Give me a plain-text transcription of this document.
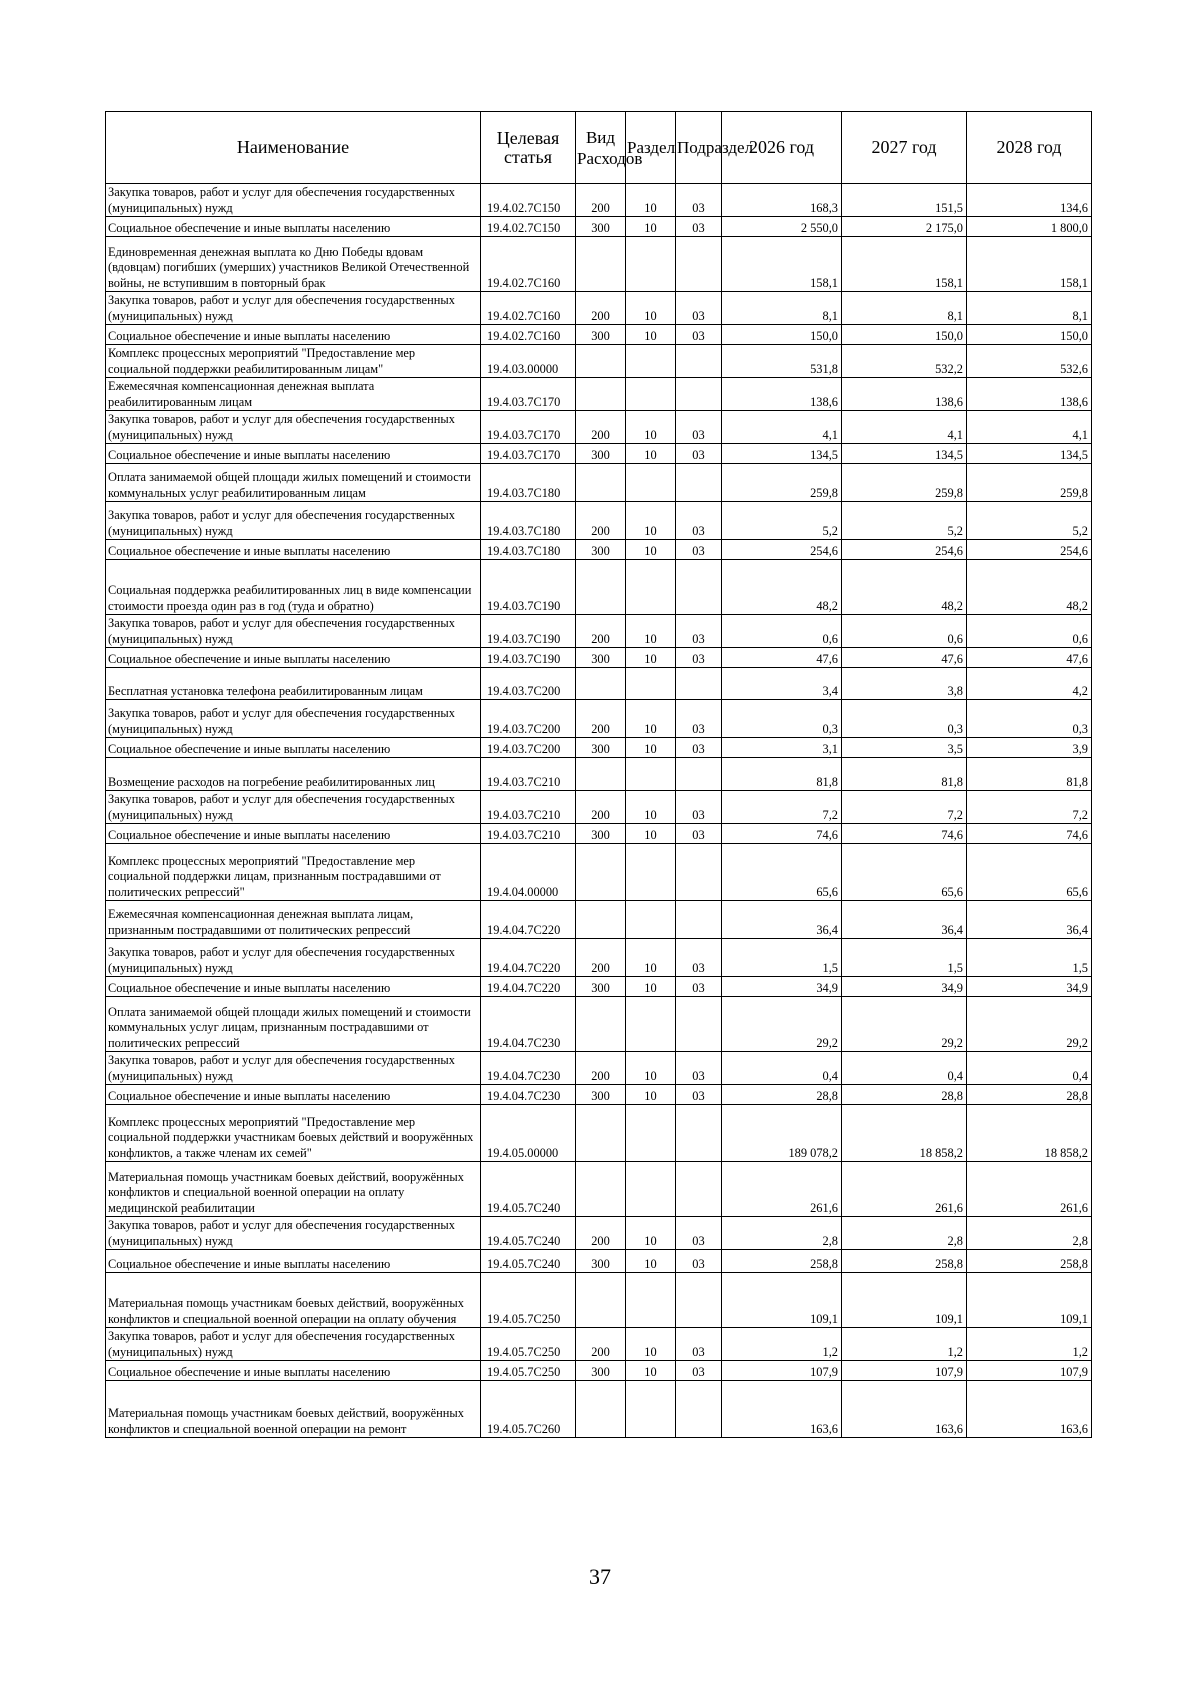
Наименование	Целевая статья	Вид Расходов	Раздел	Подраздел	2026 год	2027 год	2028 год
Закупка товаров, работ и услуг для обеспечения государственных (муниципальных) нужд	19.4.02.7С150	200	10	03	168,3	151,5	134,6
Социальное обеспечение и иные выплаты населению	19.4.02.7С150	300	10	03	2 550,0	2 175,0	1 800,0
Единовременная денежная выплата ко Дню Победы вдовам (вдовцам) погибших (умерших) участников Великой Отечественной войны, не вступившим в повторный брак	19.4.02.7С160				158,1	158,1	158,1
Закупка товаров, работ и услуг для обеспечения государственных (муниципальных) нужд	19.4.02.7С160	200	10	03	8,1	8,1	8,1
Социальное обеспечение и иные выплаты населению	19.4.02.7С160	300	10	03	150,0	150,0	150,0
Комплекс процессных мероприятий "Предоставление мер социальной поддержки реабилитированным лицам"	19.4.03.00000				531,8	532,2	532,6
Ежемесячная компенсационная денежная выплата реабилитированным лицам	19.4.03.7С170				138,6	138,6	138,6
Закупка товаров, работ и услуг для обеспечения государственных (муниципальных) нужд	19.4.03.7С170	200	10	03	4,1	4,1	4,1
Социальное обеспечение и иные выплаты населению	19.4.03.7С170	300	10	03	134,5	134,5	134,5
Оплата занимаемой общей площади жилых помещений и стоимости коммунальных услуг реабилитированным лицам	19.4.03.7С180				259,8	259,8	259,8
Закупка товаров, работ и услуг для обеспечения государственных (муниципальных) нужд	19.4.03.7С180	200	10	03	5,2	5,2	5,2
Социальное обеспечение и иные выплаты населению	19.4.03.7С180	300	10	03	254,6	254,6	254,6
Социальная поддержка реабилитированных лиц в виде компенсации стоимости проезда один раз в год (туда и обратно)	19.4.03.7С190				48,2	48,2	48,2
Закупка товаров, работ и услуг для обеспечения государственных (муниципальных) нужд	19.4.03.7С190	200	10	03	0,6	0,6	0,6
Социальное обеспечение и иные выплаты населению	19.4.03.7С190	300	10	03	47,6	47,6	47,6
Бесплатная установка телефона реабилитированным лицам	19.4.03.7С200				3,4	3,8	4,2
Закупка товаров, работ и услуг для обеспечения государственных (муниципальных) нужд	19.4.03.7С200	200	10	03	0,3	0,3	0,3
Социальное обеспечение и иные выплаты населению	19.4.03.7С200	300	10	03	3,1	3,5	3,9
Возмещение расходов на погребение реабилитированных лиц	19.4.03.7С210				81,8	81,8	81,8
Закупка товаров, работ и услуг для обеспечения государственных (муниципальных) нужд	19.4.03.7С210	200	10	03	7,2	7,2	7,2
Социальное обеспечение и иные выплаты населению	19.4.03.7С210	300	10	03	74,6	74,6	74,6
Комплекс процессных мероприятий "Предоставление мер социальной поддержки лицам, признанным пострадавшими от политических репрессий"	19.4.04.00000				65,6	65,6	65,6
Ежемесячная компенсационная денежная выплата лицам, признанным пострадавшими от политических репрессий	19.4.04.7С220				36,4	36,4	36,4
Закупка товаров, работ и услуг для обеспечения государственных (муниципальных) нужд	19.4.04.7С220	200	10	03	1,5	1,5	1,5
Социальное обеспечение и иные выплаты населению	19.4.04.7С220	300	10	03	34,9	34,9	34,9
Оплата занимаемой общей площади жилых помещений и стоимости коммунальных услуг лицам, признанным пострадавшими от политических репрессий	19.4.04.7С230				29,2	29,2	29,2
Закупка товаров, работ и услуг для обеспечения государственных (муниципальных) нужд	19.4.04.7С230	200	10	03	0,4	0,4	0,4
Социальное обеспечение и иные выплаты населению	19.4.04.7С230	300	10	03	28,8	28,8	28,8
Комплекс процессных мероприятий "Предоставление мер социальной поддержки участникам боевых действий и вооружённых конфликтов, а также членам их семей"	19.4.05.00000				189 078,2	18 858,2	18 858,2
Материальная помощь участникам боевых действий, вооружённых конфликтов и специальной военной операции на оплату медицинской реабилитации	19.4.05.7С240				261,6	261,6	261,6
Закупка товаров, работ и услуг для обеспечения государственных (муниципальных) нужд	19.4.05.7С240	200	10	03	2,8	2,8	2,8
Социальное обеспечение и иные выплаты населению	19.4.05.7С240	300	10	03	258,8	258,8	258,8
Материальная помощь участникам боевых действий, вооружённых конфликтов и специальной военной операции на оплату обучения	19.4.05.7С250				109,1	109,1	109,1
Закупка товаров, работ и услуг для обеспечения государственных (муниципальных) нужд	19.4.05.7С250	200	10	03	1,2	1,2	1,2
Социальное обеспечение и иные выплаты населению	19.4.05.7С250	300	10	03	107,9	107,9	107,9
Материальная помощь участникам боевых действий, вооружённых конфликтов и специальной военной операции на ремонт	19.4.05.7С260				163,6	163,6	163,6
37
